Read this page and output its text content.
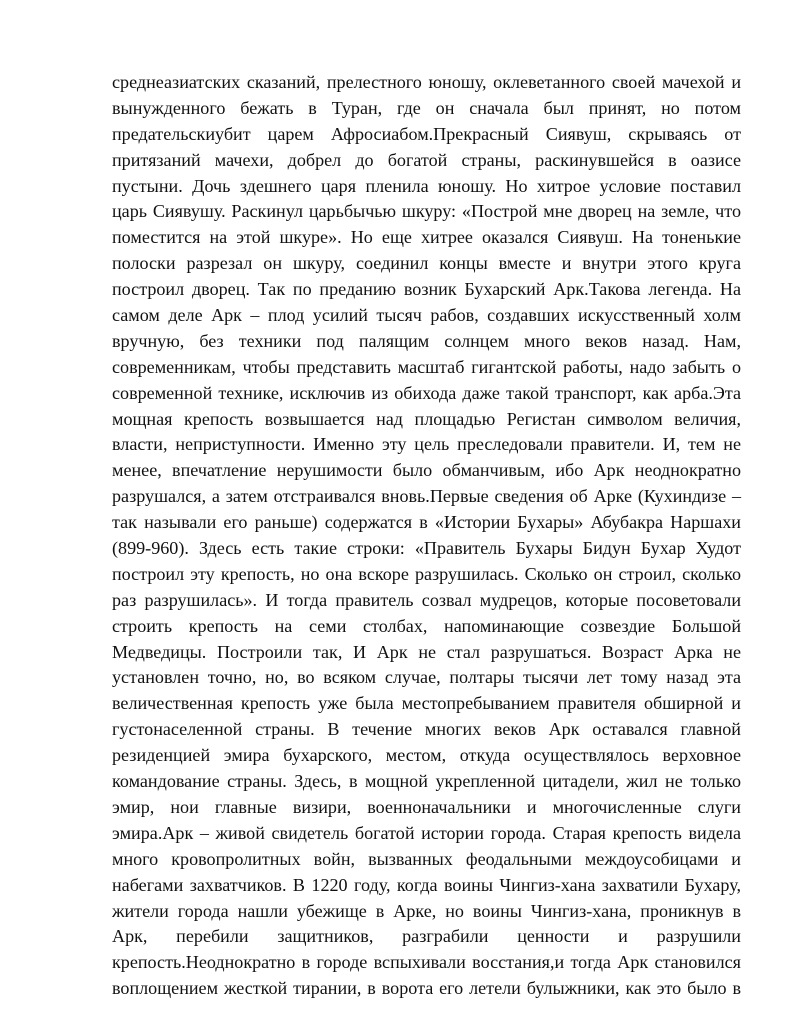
среднеазиатских сказаний, прелестного юношу, оклеветанного своей мачехой и
вынужденного бежать в Туран, где он сначала был принят, но потом
предательскиубит царем Афросиабом.Прекрасный Сиявуш, скрываясь от
притязаний мачехи, добрел до богатой страны, раскинувшейся в оазисе
пустыни. Дочь здешнего царя пленила юношу. Но хитрое условие поставил
царь Сиявушу. Раскинул царьбычью шкуру: «Построй мне дворец на земле, что
поместится на этой шкуре». Но еще хитрее оказался Сиявуш. На тоненькие
полоски разрезал он шкуру, соединил концы вместе и внутри этого круга
построил дворец. Так по преданию возник Бухарский Арк.Такова легенда. На
самом деле Арк – плод усилий тысяч рабов, создавших искусственный холм
вручную, без техники под палящим солнцем много веков назад. Нам,
современникам, чтобы представить масштаб гигантской работы, надо забыть о
современной технике, исключив из обихода даже такой транспорт, как арба.Эта
мощная крепость возвышается над площадью Регистан символом величия,
власти, неприступности. Именно эту цель преследовали правители. И, тем не
менее, впечатление нерушимости было обманчивым, ибо Арк неоднократно
разрушался, а затем отстраивался вновь.Первые сведения об Арке (Кухиндизе –
так называли его раньше) содержатся в «Истории Бухары» Абубакра Наршахи
(899-960). Здесь есть такие строки: «Правитель Бухары Бидун Бухар Худот
построил эту крепость, но она вскоре разрушилась. Сколько он строил, сколько
раз разрушилась». И тогда правитель созвал мудрецов, которые посоветовали
строить крепость на семи столбах, напоминающие созвездие Большой
Медведицы. Построили так, И Арк не стал разрушаться. Возраст Арка не
установлен точно, но, во всяком случае, полтары тысячи лет тому назад эта
величественная крепость уже была местопребыванием правителя обширной и
густонаселенной страны. В течение многих веков Арк оставался главной
резиденцией эмира бухарского, местом, откуда осуществлялось верховное
командование страны. Здесь, в мощной укрепленной цитадели, жил не только
эмир, нои главные визири, военноначальники и многочисленные слуги
эмира.Арк – живой свидетель богатой истории города. Старая крепость видела
много кровопролитных войн, вызванных феодальными междоусобицами и
набегами захватчиков. В 1220 году, когда воины Чингиз-хана захватили Бухару,
жители города нашли убежище в Арке, но воины Чингиз-хана, проникнув в
Арк, перебили защитников, разграбили ценности и разрушили
крепость.Неоднократно в городе вспыхивали восстания,и тогда Арк становился
воплощением жесткой тирании, в ворота его летели булыжники, как это было в
